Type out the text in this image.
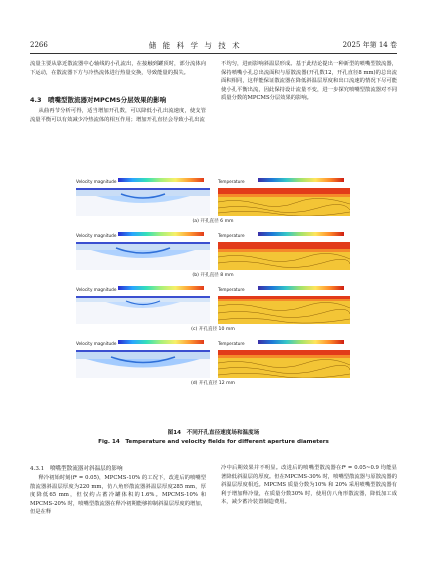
2266	储 能 科 学 与 技 术	2025 年第 14 卷

流量主要从靠近散流器中心轴线的小孔流出，在接触到罐顶时，部分流体向下运动，在散流器下方与冷热流体进行热量交换，导致能量的损失。

不均匀，进而影响斜温层形成。基于此结论提出一种新型的喷嘴型散流器，保持喷嘴小孔总出流面积与原散流器(开孔数12，开孔直径8 mm)的总出流面积相同，这样能保证散流器在降低斜温层厚度和出口流速的情况下尽可能使小孔平衡出流，因此保持设计流量不变，进一步探究喷嘴型散流器对不同质量分数的MPCMS分层效果的影响。

4.3　喷嘴型散流器对MPCMS分层效果的影响

从曲再节分析可得，适当增加开孔数，可以降低小孔出流速度，使支管流量平衡可以有效减少冷热流体的相互作用；增加开孔直径会导致小孔出流

Velocity magnitude	Temperature
(a) 开孔直径 6 mm
Velocity magnitude	Temperature
(b) 开孔直径 8 mm
Velocity magnitude	Temperature
(c) 开孔直径 10 mm
Velocity magnitude	Temperature
(d) 开孔直径 12 mm
图14　不同开孔直径速度场和温度场
Fig. 14　Temperature and velocity fields for different aperture diameters
4.3.1　喷嘴型散流器对斜温层的影响

释冷初始时刻(f* = 0.05)，MPCMS-10% 的工况下，改进后的喷嘴型散流器斜温层厚度为220 mm，仿八角形散流器斜温层厚度285 mm，厚度降低65 mm，但仅约占蓄冷罐体积的1.6%。MPCMS-10% 和 MPCMS-20% 时，喷嘴型散流器在释冷初期能够抑制斜温层厚度的增加，但是在释

冷中后期效果并不明显。改进后的喷嘴型散流器在f* = 0.05~0.9 均能显著降低斜温层的厚度。但在MPCMS-30% 时，喷嘴型散流器与原散流器的斜温层厚度相近。MPCMS 质量分数为10% 和 20% 采用喷嘴型散流器有利于增加释冷量，在质量分数30% 时，使用仿八角形散流器，降低加工成本，减少蓄冷装置制造费用。
